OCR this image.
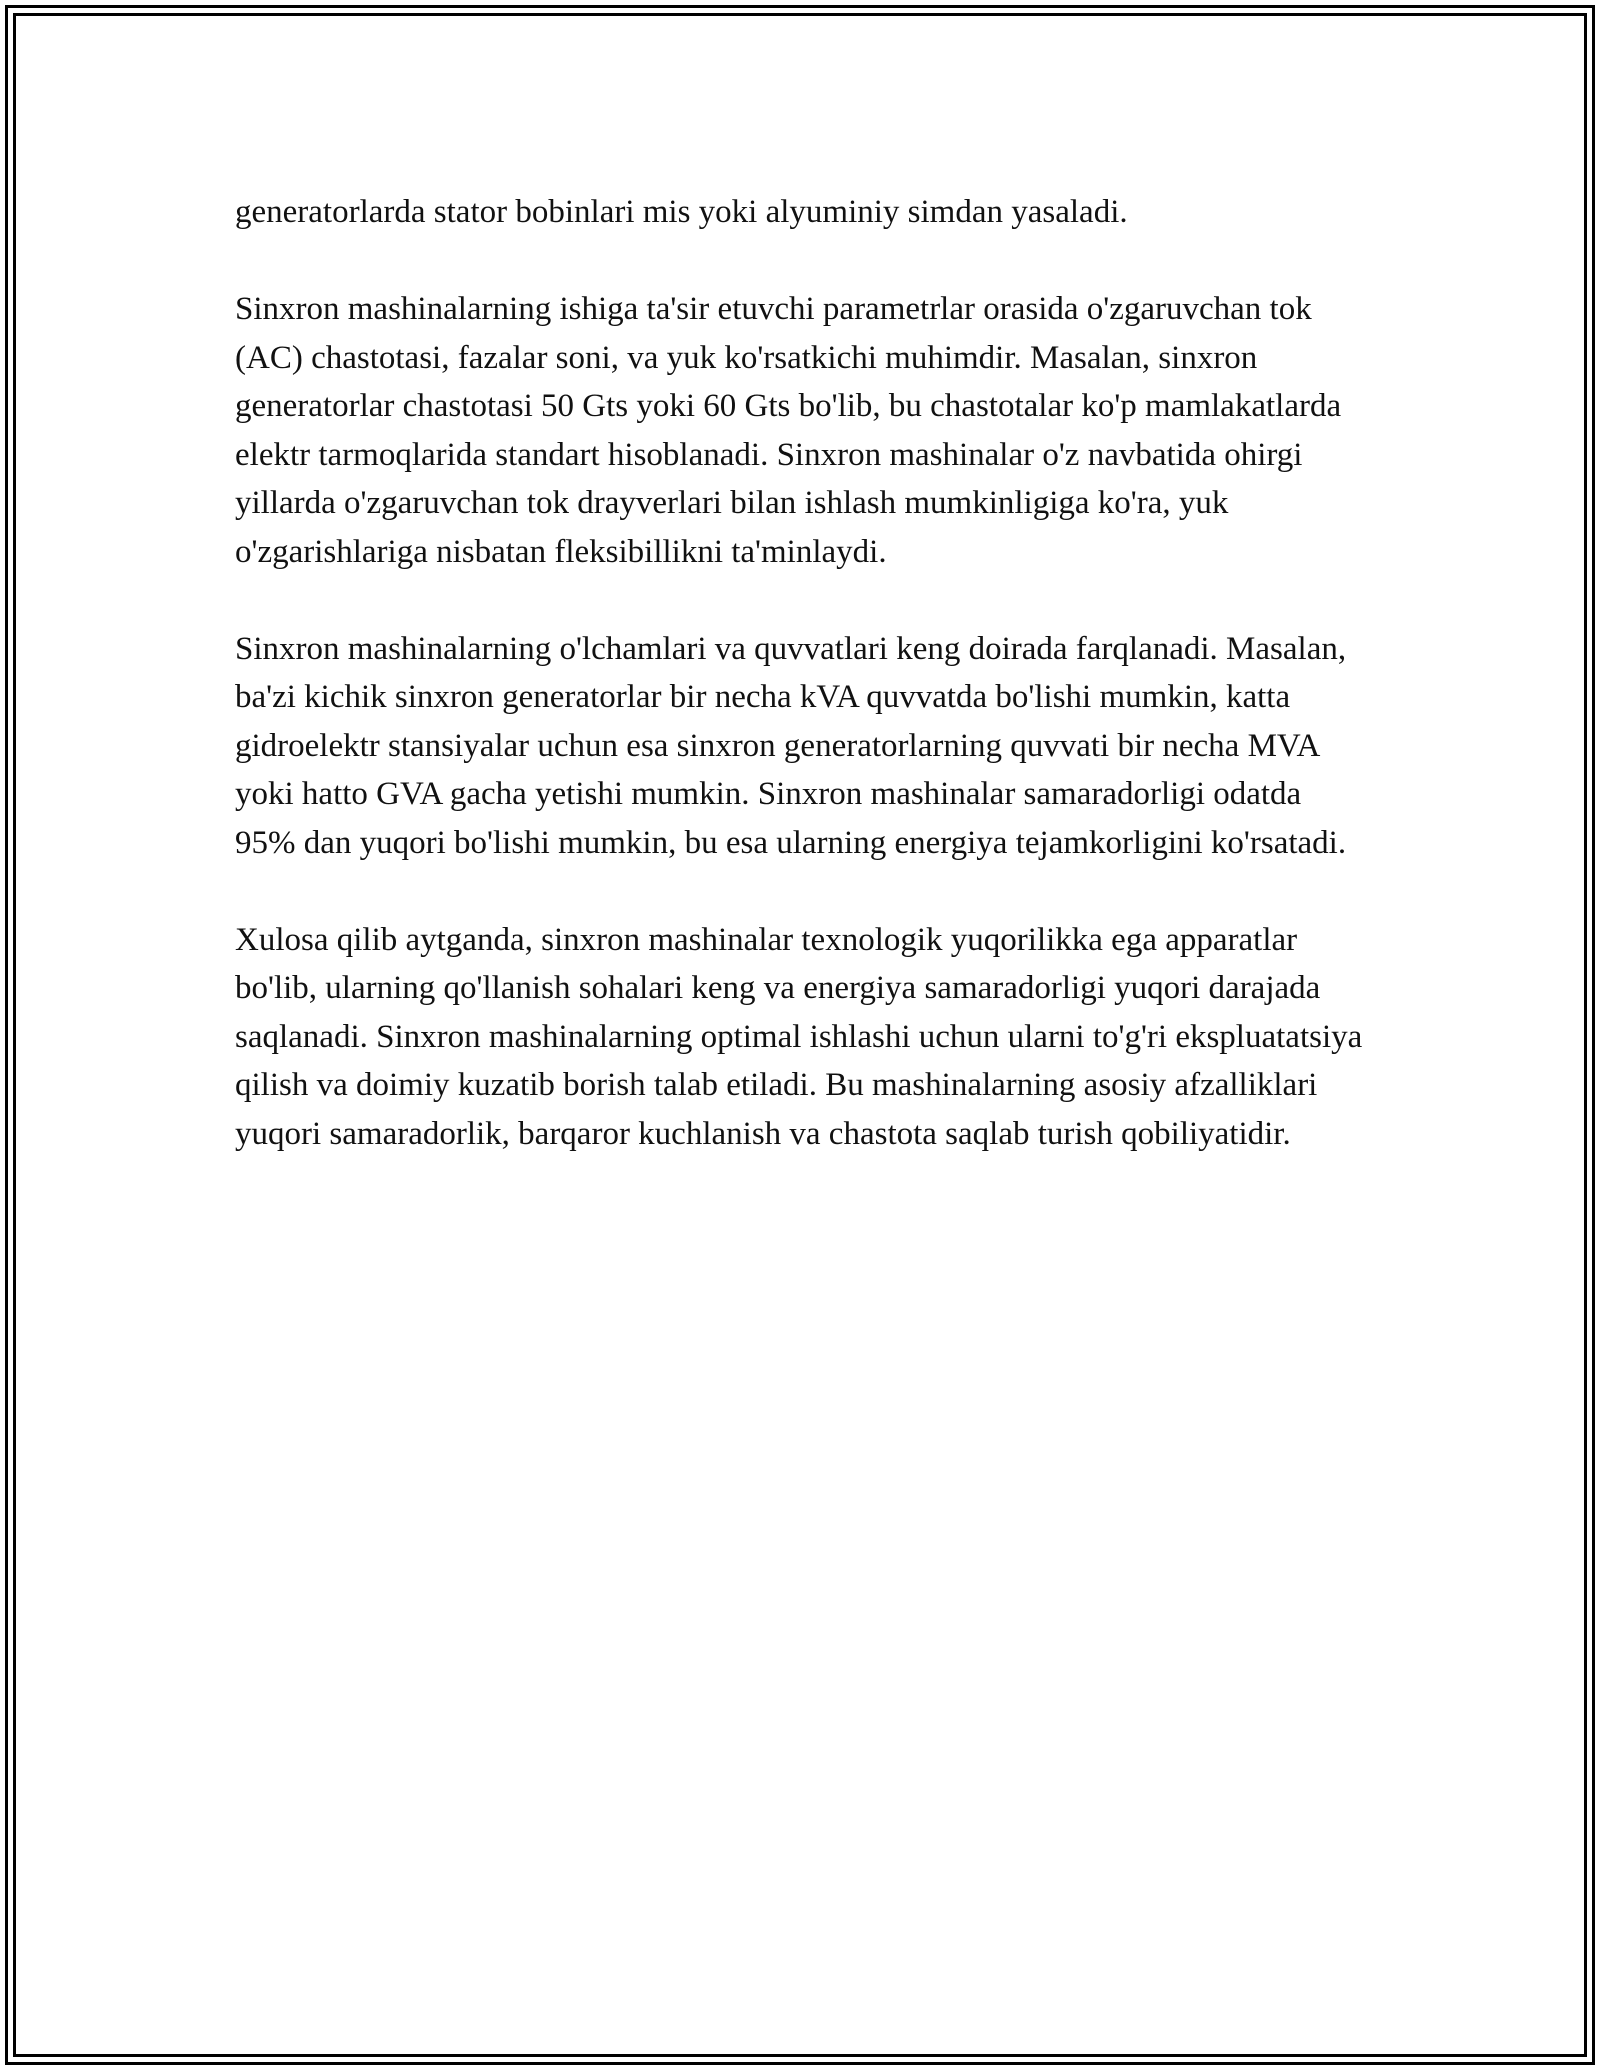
generatorlarda stator bobinlari mis yoki alyuminiy simdan yasaladi.

Sinxron mashinalarning ishiga ta'sir etuvchi parametrlar orasida o'zgaruvchan tok (AC) chastotasi, fazalar soni, va yuk ko'rsatkichi muhimdir. Masalan, sinxron generatorlar chastotasi 50 Gts yoki 60 Gts bo'lib, bu chastotalar ko'p mamlakatlarda elektr tarmoqlarida standart hisoblanadi. Sinxron mashinalar o'z navbatida ohirgi yillarda o'zgaruvchan tok drayverlari bilan ishlash mumkinligiga ko'ra, yuk o'zgarishlariga nisbatan fleksibillikni ta'minlaydi.

Sinxron mashinalarning o'lchamlari va quvvatlari keng doirada farqlanadi. Masalan, ba'zi kichik sinxron generatorlar bir necha kVA quvvatda bo'lishi mumkin, katta gidroelektr stansiyalar uchun esa sinxron generatorlarning quvvati bir necha MVA yoki hatto GVA gacha yetishi mumkin. Sinxron mashinalar samaradorligi odatda 95% dan yuqori bo'lishi mumkin, bu esa ularning energiya tejamkorligini ko'rsatadi.

Xulosa qilib aytganda, sinxron mashinalar texnologik yuqorilikka ega apparatlar bo'lib, ularning qo'llanish sohalari keng va energiya samaradorligi yuqori darajada saqlanadi. Sinxron mashinalarning optimal ishlashi uchun ularni to'g'ri ekspluatatsiya qilish va doimiy kuzatib borish talab etiladi. Bu mashinalarning asosiy afzalliklari yuqori samaradorlik, barqaror kuchlanish va chastota saqlab turish qobiliyatidir.
